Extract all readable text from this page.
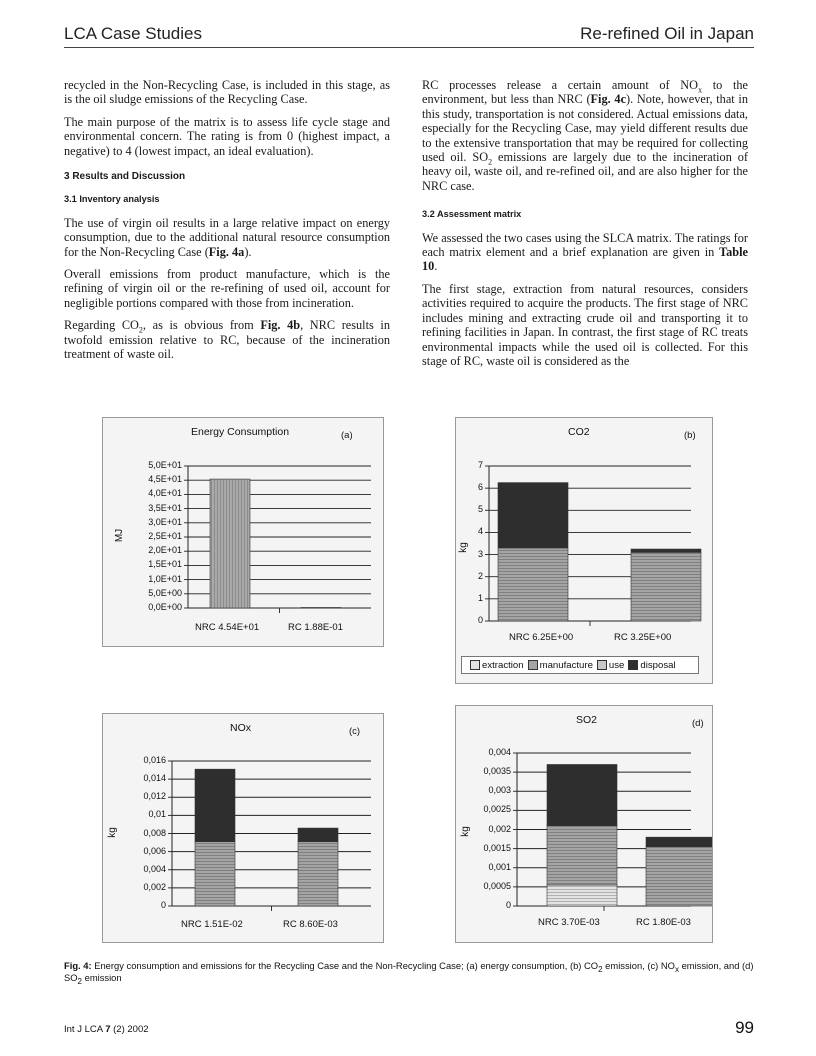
LCA Case Studies	Re-refined Oil in Japan

recycled in the Non-Recycling Case, is included in this stage, as is the oil sludge emissions of the Recycling Case.

The main purpose of the matrix is to assess life cycle stage and environmental concern. The rating is from 0 (highest impact, a negative) to 4 (lowest impact, an ideal evaluation).

3 Results and Discussion
3.1 Inventory analysis

The use of virgin oil results in a large relative impact on energy consumption, due to the additional natural resource consumption for the Non-Recycling Case (Fig. 4a).

Overall emissions from product manufacture, which is the refining of virgin oil or the re-refining of used oil, account for negligible portions compared with those from incineration.

Regarding $CO_2$, as is obvious from Fig. 4b, NRC results in twofold emission relative to RC, because of the incineration treatment of waste oil.

RC processes release a certain amount of $NO_x$ to the environment, but less than NRC (Fig. 4c). Note, however, that in this study, transportation is not considered. Actual emissions data, especially for the Recycling Case, may yield different results due to the extensive transportation that may be required for collecting used oil. $SO_2$ emissions are largely due to the incineration of heavy oil, waste oil, and re-refined oil, and are also higher for the NRC case.

3.2 Assessment matrix

We assessed the two cases using the SLCA matrix. The ratings for each matrix element and a brief explanation are given in Table 10.

The first stage, extraction from natural resources, considers activities required to acquire the products. The first stage of NRC includes mining and extracting crude oil and transporting it to refining facilities in Japan. In contrast, the first stage of RC treats environmental impacts while the used oil is collected. For this stage of RC, waste oil is considered as the

0,0E+00
5,0E+00
1,0E+01
1,5E+01
2,0E+01
2,5E+01
3,0E+01
3,5E+01
4,0E+01
4,5E+01
5,0E+01
NRC 4.54E+01	RC 1.88E-01
Energy Consumption	(a)
MJ
0
1
2
3
4
5
6
7
NRC 6.25E+00	RC 3.25E+00
CO2	(b)
kg
0
0,002
0,004
0,006
0,008
0,01
0,012
0,014
0,016
NRC 1.51E-02	RC 8.60E-03
NOx	(c)
kg
0
0,0005
0,001
0,0015
0,002
0,0025
0,003
0,0035
0,004
NRC 3.70E-03	RC 1.80E-03
SO2	(d)
kg
extraction manufacture use disposal
Fig. 4: Energy consumption and emissions for the Recycling Case and the Non-Recycling Case; (a) energy consumption, (b) $CO_2$ emission, (c) $NO_x$ emission, and (d) $SO_2$ emission
Int J LCA 7 (2) 2002	99
